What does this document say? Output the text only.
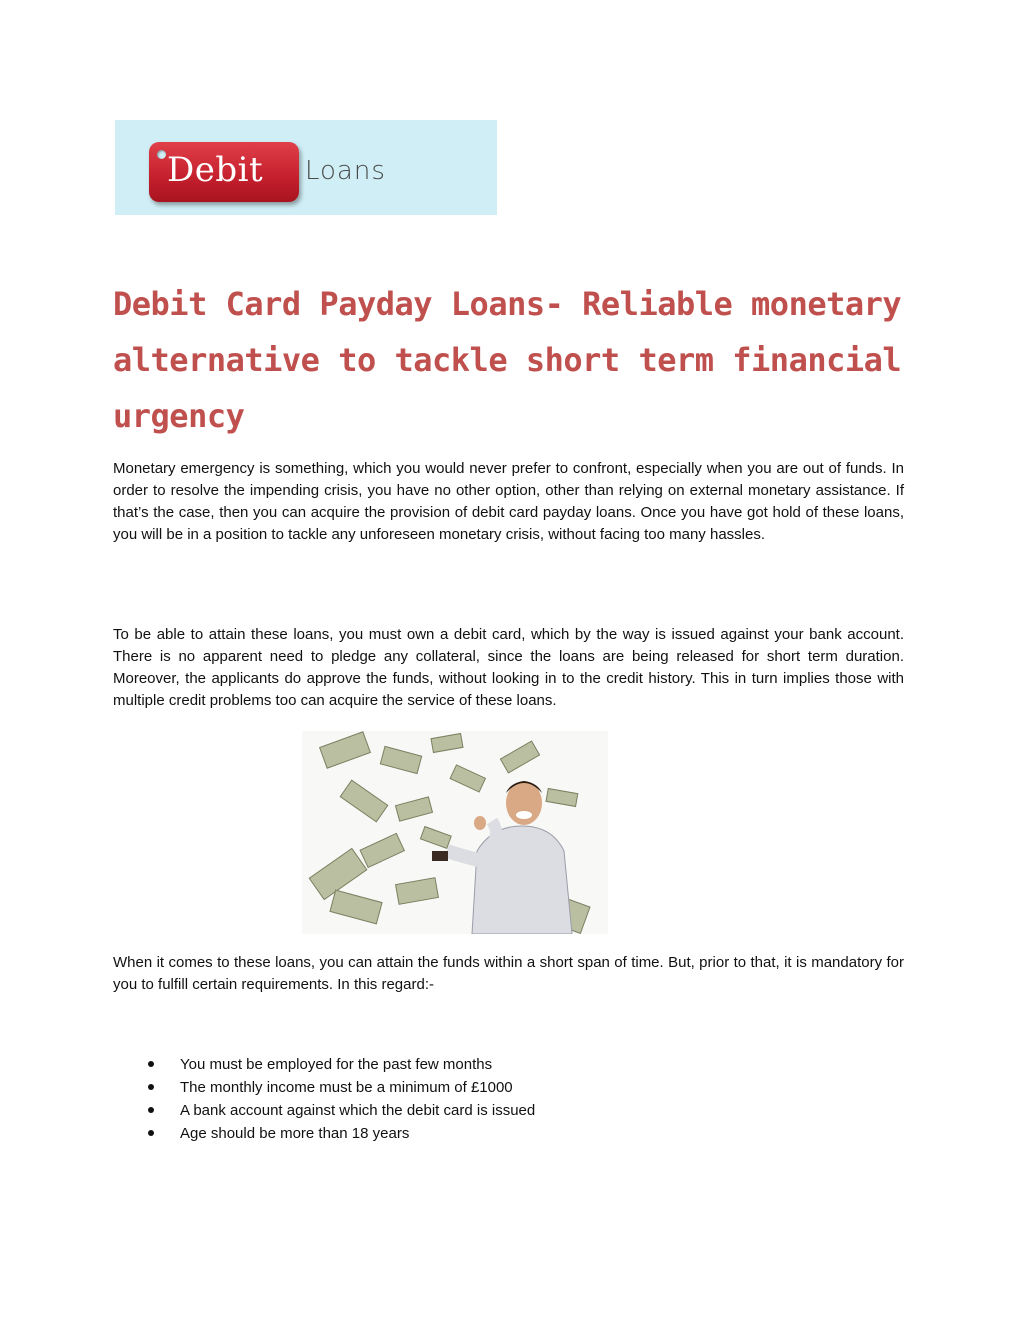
Debit Loans
Debit Card Payday Loans- Reliable monetary alternative to tackle short term financial urgency

Monetary emergency is something, which you would never prefer to confront, especially when you are out of funds. In order to resolve the impending crisis, you have no other option, other than relying on external monetary assistance. If that’s the case, then you can acquire the provision of debit card payday loans. Once you have got hold of these loans, you will be in a position to tackle any unforeseen monetary crisis, without facing too many hassles.

To be able to attain these loans, you must own a debit card, which by the way is issued against your bank account. There is no apparent need to pledge any collateral, since the loans are being released for short term duration. Moreover, the applicants do approve the funds, without looking in to the credit history. This in turn implies those with multiple credit problems too can acquire the service of these loans.

When it comes to these loans, you can attain the funds within a short span of time. But, prior to that, it is mandatory for you to fulfill certain requirements. In this regard:-

You must be employed for the past few months
The monthly income must be a minimum of £1000
A bank account against which the debit card is issued
Age should be more than 18 years
